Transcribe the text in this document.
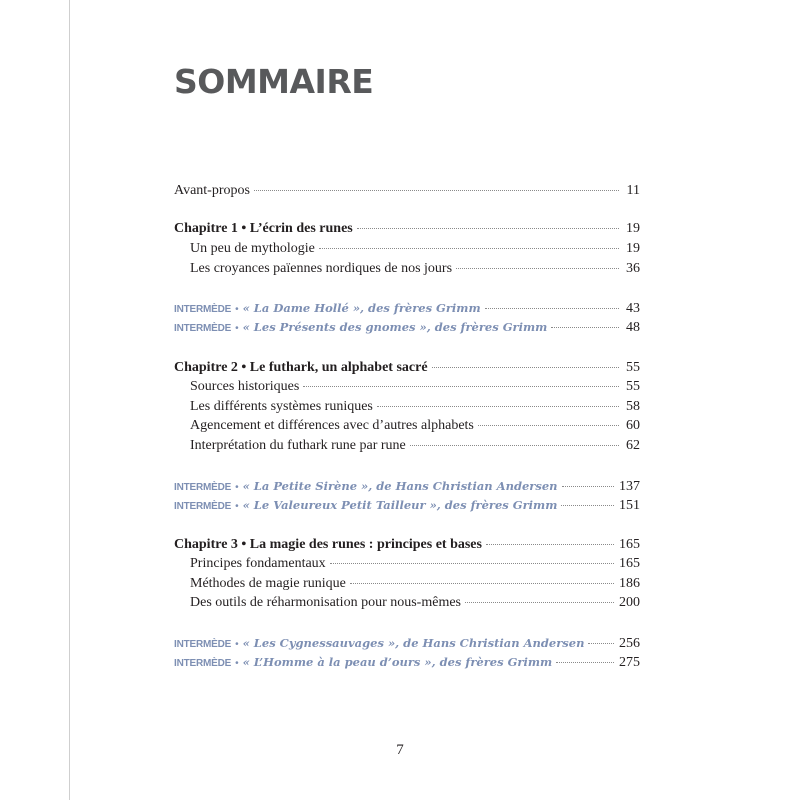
SOMMAIRE
Avant-propos	11
Chapitre 1 • L’écrin des runes	19
Un peu de mythologie	19
Les croyances païennes nordiques de nos jours	36
INTERMÈDE • « La Dame Hollé », des frères Grimm	43
INTERMÈDE • « Les Présents des gnomes », des frères Grimm	48
Chapitre 2 • Le futhark, un alphabet sacré	55
Sources historiques	55
Les différents systèmes runiques	58
Agencement et différences avec d’autres alphabets	60
Interprétation du futhark rune par rune	62
INTERMÈDE • « La Petite Sirène », de Hans Christian Andersen	137
INTERMÈDE • « Le Valeureux Petit Tailleur », des frères Grimm	151
Chapitre 3 • La magie des runes : principes et bases	165
Principes fondamentaux	165
Méthodes de magie runique	186
Des outils de réharmonisation pour nous-mêmes	200
INTERMÈDE • « Les Cygnessauvages », de Hans Christian Andersen 256
INTERMÈDE • « L’Homme à la peau d’ours », des frères Grimm	275
7
